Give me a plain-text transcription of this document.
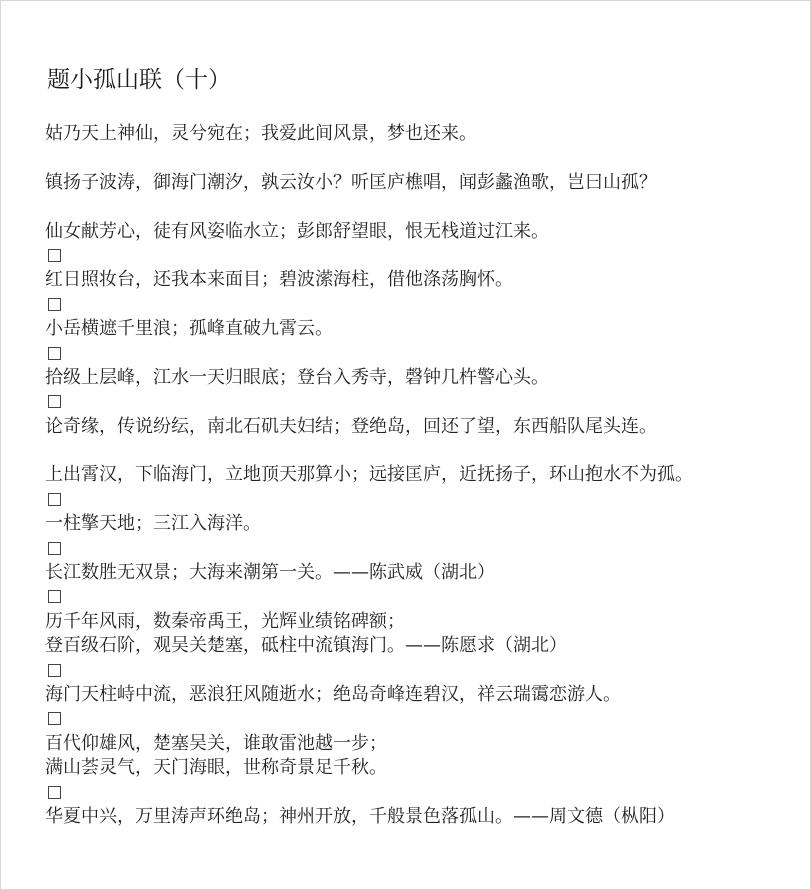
题小孤山联（十）
姑乃天上神仙，灵兮宛在；我爱此间风景，梦也还来。
镇扬子波涛，御海门潮汐，孰云汝小？听匡庐樵唱，闻彭蠡渔歌，岂曰山孤？
仙女献芳心，徒有风姿临水立；彭郎舒望眼，恨无栈道过江来。
红日照妆台，还我本来面目；碧波潆海柱，借他涤荡胸怀。
小岳横遮千里浪；孤峰直破九霄云。
拾级上层峰，江水一天归眼底；登台入秀寺，磬钟几杵警心头。
论奇缘，传说纷纭，南北石矶夫妇结；登绝岛，回还了望，东西船队尾头连。
上出霄汉，下临海门，立地顶天那算小；远接匡庐，近抚扬子，环山抱水不为孤。
一柱擎天地；三江入海洋。
长江数胜无双景；大海来潮第一关。——陈武威（湖北）
历千年风雨，数秦帝禹王，光辉业绩铭碑额；
登百级石阶，观吴关楚塞，砥柱中流镇海门。——陈愿求（湖北）
海门天柱峙中流，恶浪狂风随逝水；绝岛奇峰连碧汉，祥云瑞霭恋游人。
百代仰雄风，楚塞吴关，谁敢雷池越一步；
满山荟灵气，天门海眼，世称奇景足千秋。
华夏中兴，万里涛声环绝岛；神州开放，千般景色落孤山。——周文德（枞阳）
